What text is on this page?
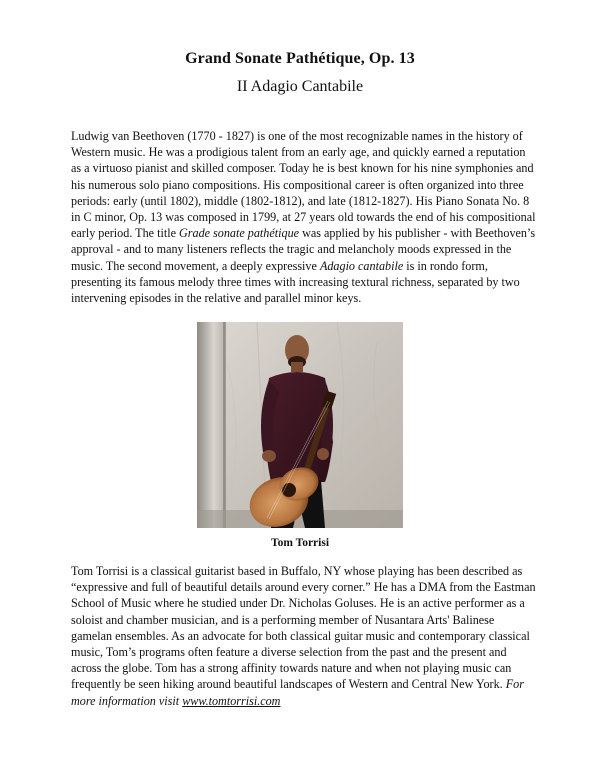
Grand Sonate Pathétique, Op. 13
II Adagio Cantabile

Ludwig van Beethoven (1770 - 1827) is one of the most recognizable names in the history of Western music. He was a prodigious talent from an early age, and quickly earned a reputation as a virtuoso pianist and skilled composer. Today he is best known for his nine symphonies and his numerous solo piano compositions. His compositional career is often organized into three periods: early (until 1802), middle (1802-1812), and late (1812-1827). His Piano Sonata No. 8 in C minor, Op. 13 was composed in 1799, at 27 years old towards the end of his compositional early period. The title Grade sonate pathétique was applied by his publisher - with Beethoven’s approval - and to many listeners reflects the tragic and melancholy moods expressed in the music. The second movement, a deeply expressive Adagio cantabile is in rondo form, presenting its famous melody three times with increasing textural richness, separated by two intervening episodes in the relative and parallel minor keys.

Tom Torrisi

Tom Torrisi is a classical guitarist based in Buffalo, NY whose playing has been described as “expressive and full of beautiful details around every corner.” He has a DMA from the Eastman School of Music where he studied under Dr. Nicholas Goluses. He is an active performer as a soloist and chamber musician, and is a performing member of Nusantara Arts' Balinese gamelan ensembles. As an advocate for both classical guitar music and contemporary classical music, Tom’s programs often feature a diverse selection from the past and the present and across the globe. Tom has a strong affinity towards nature and when not playing music can frequently be seen hiking around beautiful landscapes of Western and Central New York. For more information visit www.tomtorrisi.com
